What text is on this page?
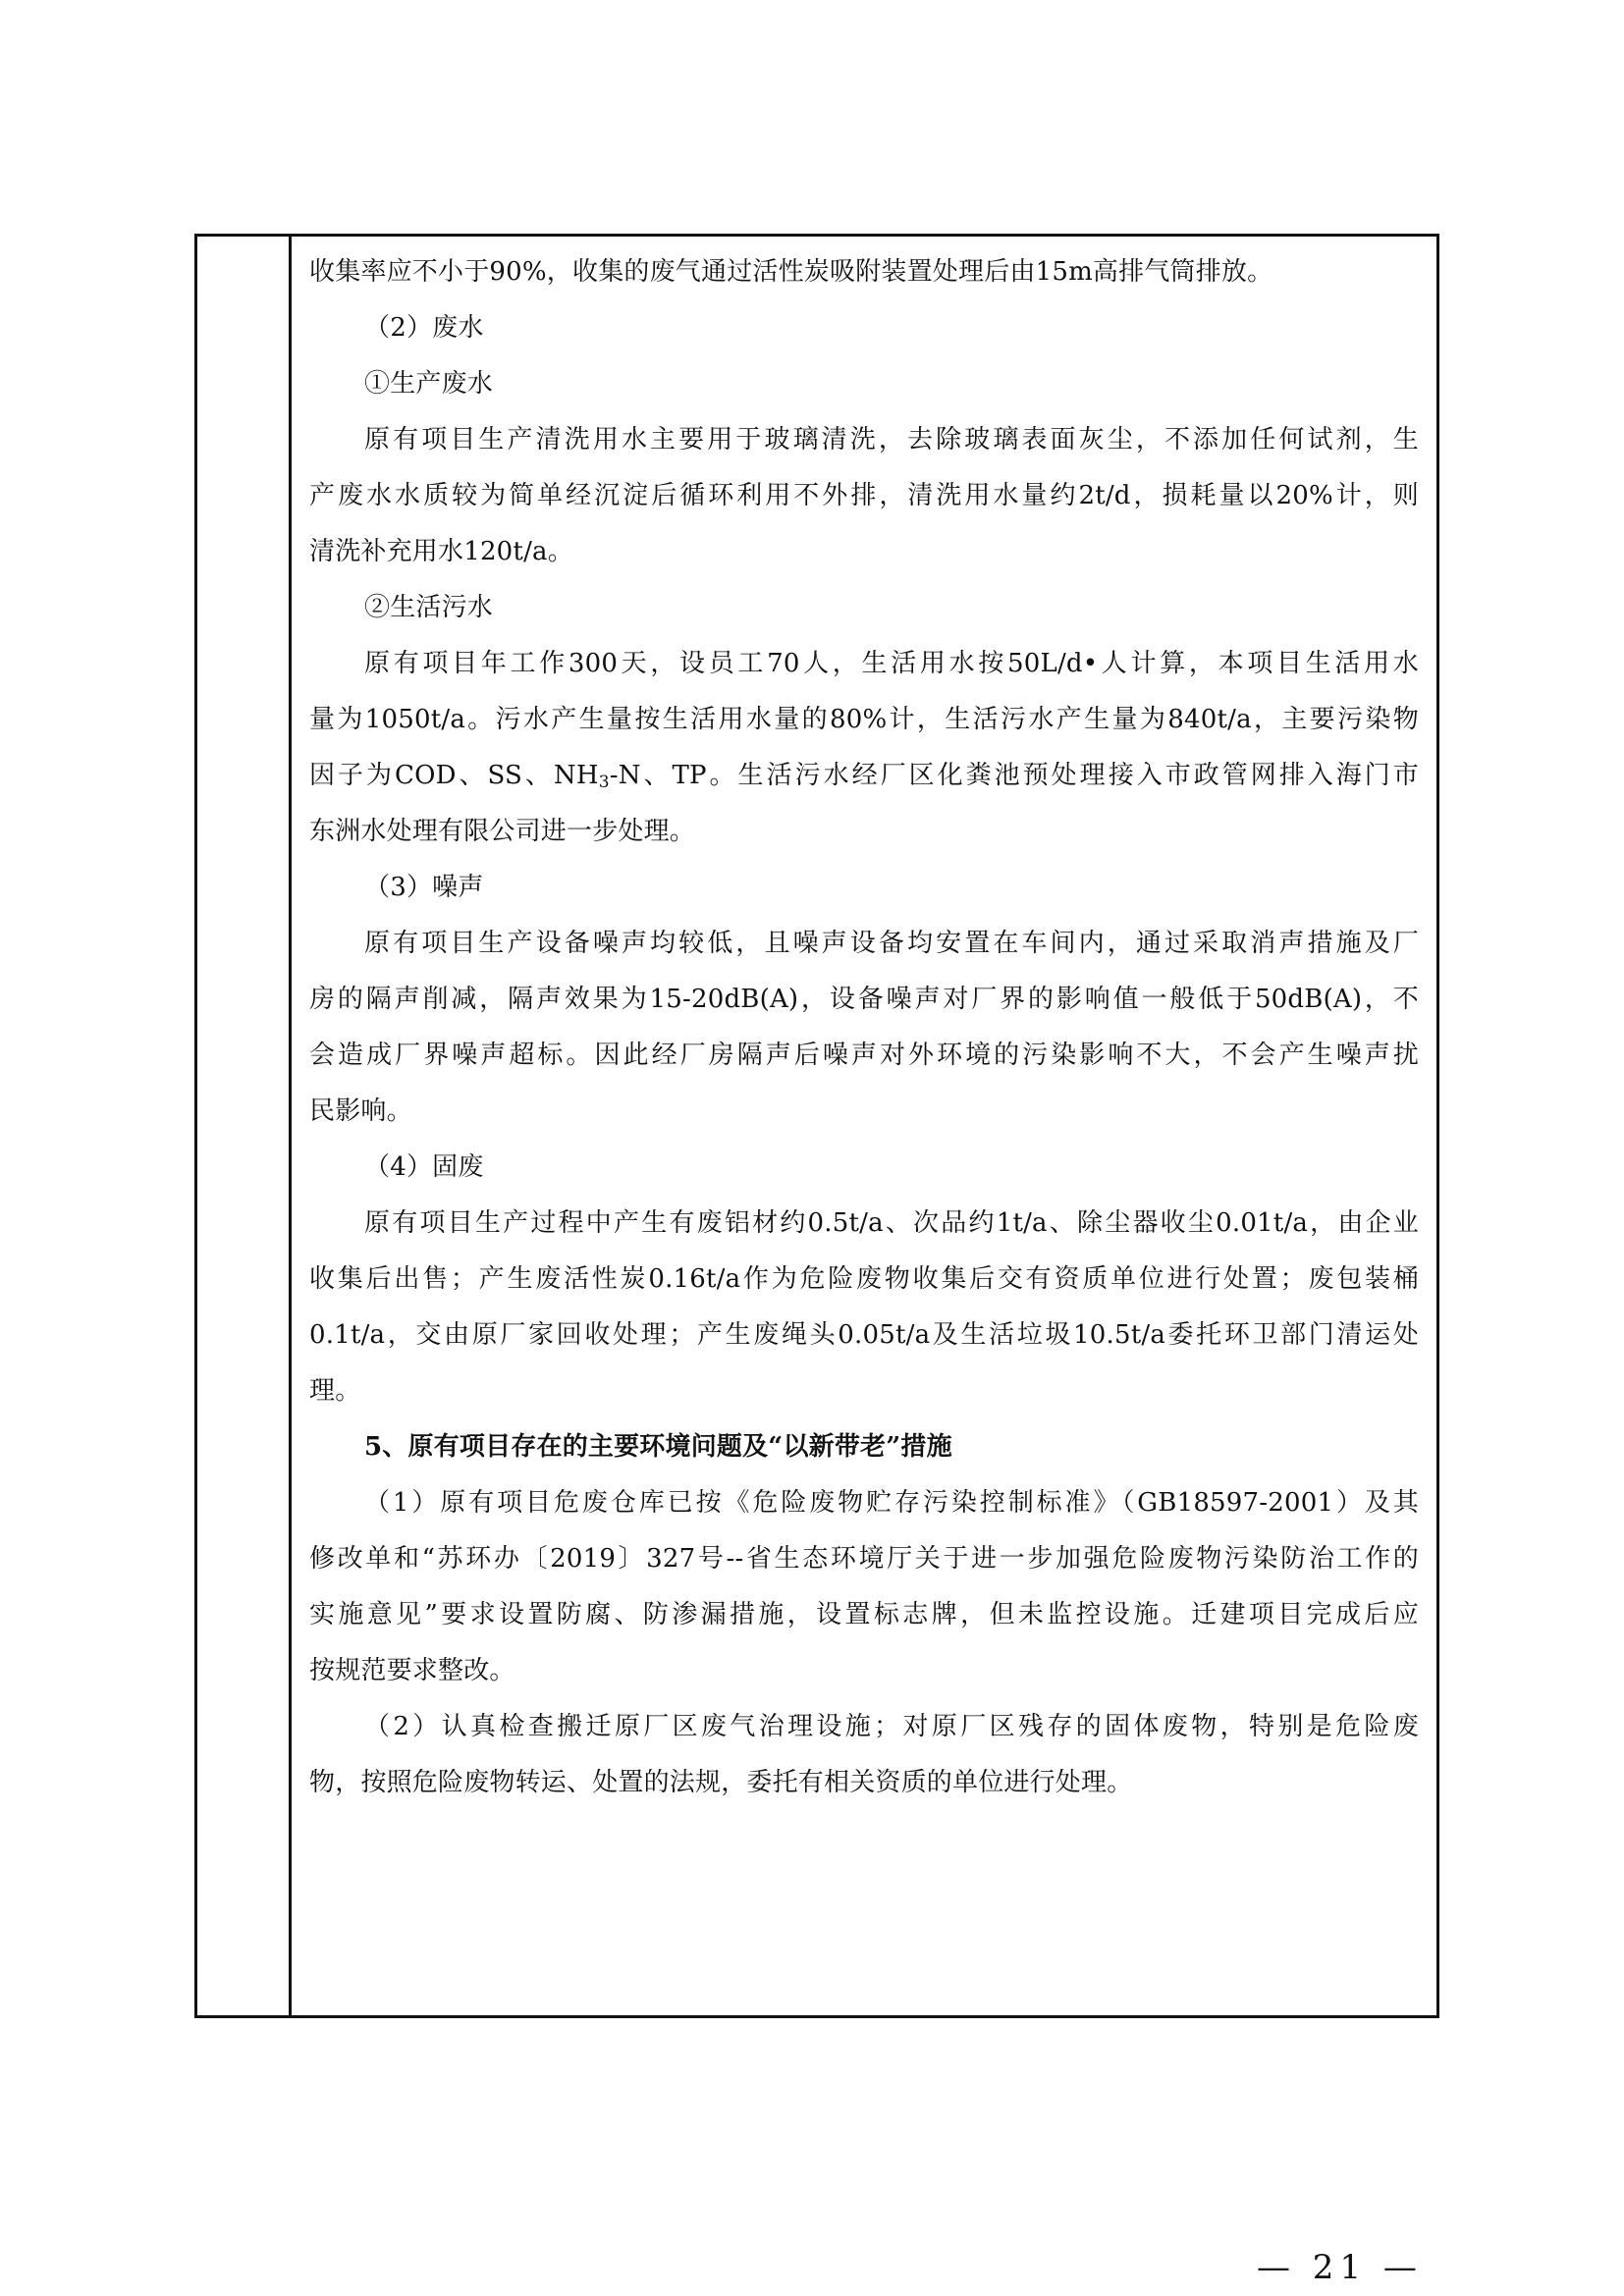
收集率应不小于90%，收集的废气通过活性炭吸附装置处理后由15m高排气筒排放。
（2）废水
①生产废水
原有项目生产清洗用水主要用于玻璃清洗，去除玻璃表面灰尘，不添加任何试剂，生
产废水水质较为简单经沉淀后循环利用不外排，清洗用水量约2t/d，损耗量以20%计，则
清洗补充用水120t/a。
②生活污水
原有项目年工作300天，设员工70人，生活用水按50L/d•人计算，本项目生活用水
量为1050t/a。污水产生量按生活用水量的80%计，生活污水产生量为840t/a，主要污染物
因子为COD、SS、$NH_3-N$、TP。生活污水经厂区化粪池预处理接入市政管网排入海门市
东洲水处理有限公司进一步处理。
（3）噪声
原有项目生产设备噪声均较低，且噪声设备均安置在车间内，通过采取消声措施及厂
房的隔声削减，隔声效果为15-20dB(A)，设备噪声对厂界的影响值一般低于50dB(A)，不
会造成厂界噪声超标。因此经厂房隔声后噪声对外环境的污染影响不大，不会产生噪声扰
民影响。
（4）固废
原有项目生产过程中产生有废铝材约0.5t/a、次品约1t/a、除尘器收尘0.01t/a，由企业
收集后出售；产生废活性炭0.16t/a作为危险废物收集后交有资质单位进行处置；废包装桶
0.1t/a，交由原厂家回收处理；产生废绳头0.05t/a及生活垃圾10.5t/a委托环卫部门清运处
理。
5、原有项目存在的主要环境问题及“以新带老”措施
（1）原有项目危废仓库已按《危险废物贮存污染控制标准》（GB18597-2001）及其
修改单和“苏环办〔2019〕327号--省生态环境厅关于进一步加强危险废物污染防治工作的
实施意见”要求设置防腐、防渗漏措施，设置标志牌，但未监控设施。迁建项目完成后应
按规范要求整改。
（2）认真检查搬迁原厂区废气治理设施；对原厂区残存的固体废物，特别是危险废
物，按照危险废物转运、处置的法规，委托有相关资质的单位进行处理。
— 21 —
